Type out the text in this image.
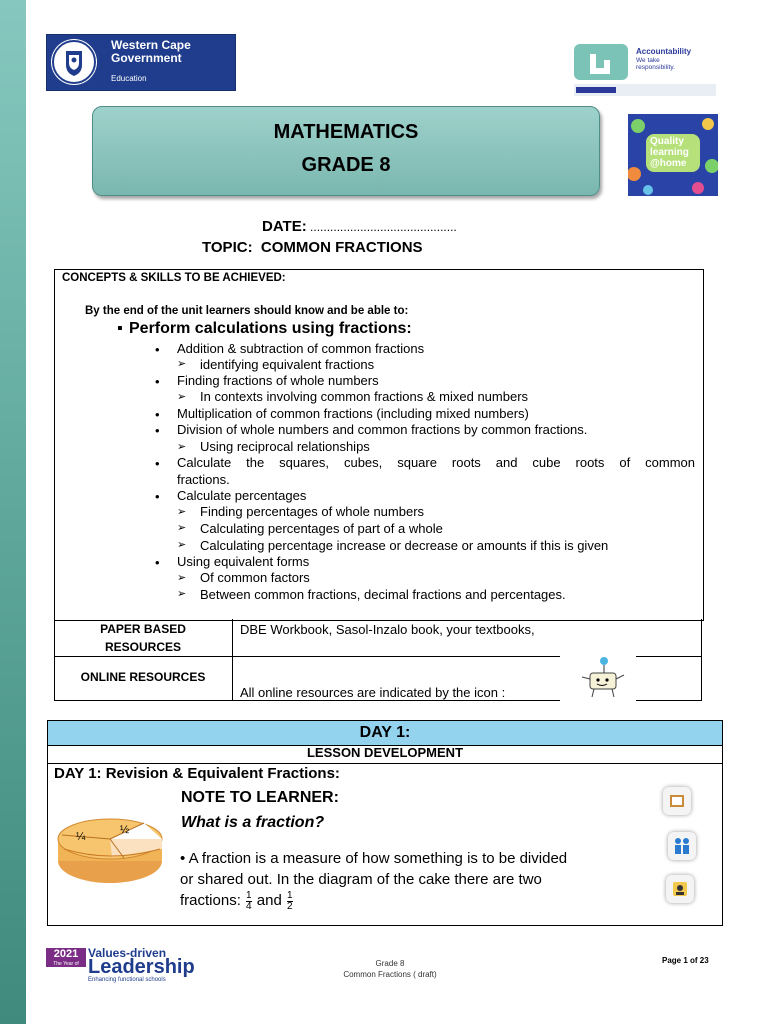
Western Cape
Government
Education
Accountability
We take
responsibility.
MATHEMATICS
GRADE 8
Quality
learning
@home
DATE: ............................................
TOPIC: COMMON FRACTIONS
CONCEPTS & SKILLS TO BE ACHIEVED:
By the end of the unit learners should know and be able to:
▪ Perform calculations using fractions:
• Addition & subtraction of common fractions
➢ identifying equivalent fractions
• Finding fractions of whole numbers
➢ In contexts involving common fractions & mixed numbers
• Multiplication of common fractions (including mixed numbers)
• Division of whole numbers and common fractions by common fractions.
➢ Using reciprocal relationships
• Calculate the squares, cubes, square roots and cube roots of common
fractions.
• Calculate percentages
➢ Finding percentages of whole numbers
➢ Calculating percentages of part of a whole
➢ Calculating percentage increase or decrease or amounts if this is given
• Using equivalent forms
➢ Of common factors
➢ Between common fractions, decimal fractions and percentages.
PAPER BASED
RESOURCES
DBE Workbook, Sasol-Inzalo book, your textbooks,
ONLINE RESOURCES
All online resources are indicated by the icon :
DAY 1:
LESSON DEVELOPMENT
DAY 1: Revision & Equivalent Fractions:
NOTE TO LEARNER:
What is a fraction?
¼
½
• A fraction is a measure of how something is to be divided
or shared out. In the diagram of the cake there are two
fractions: $\frac{1}{4}$ and $\frac{1}{2}$
2021
The Year of
Values-driven
Leadership
Enhancing functional schools
Grade 8
Common Fractions ( draft)
Page 1 of 23
